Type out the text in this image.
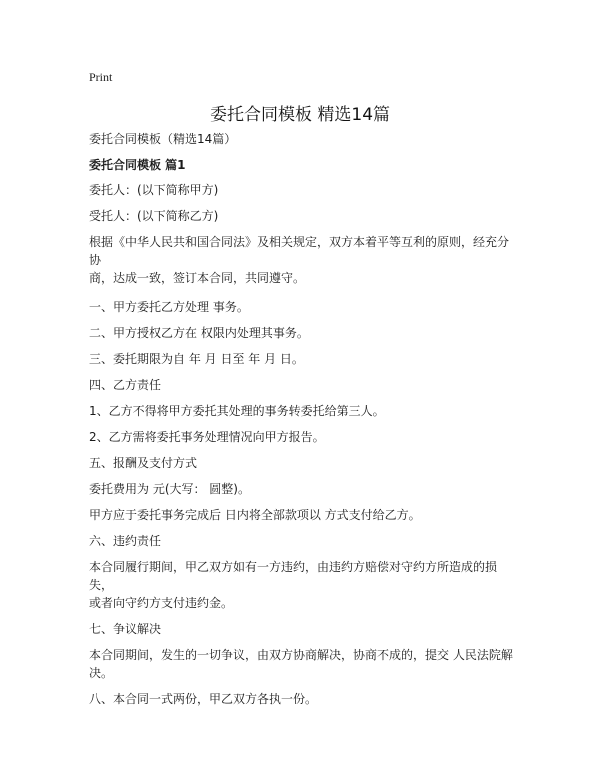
Print
委托合同模板 精选14篇

委托合同模板（精选14篇）

委托合同模板 篇1

委托人：(以下简称甲方)

受托人：(以下简称乙方)

根据《中华人民共和国合同法》及相关规定，双方本着平等互利的原则，经充分协
商，达成一致，签订本合同，共同遵守。

一、甲方委托乙方处理 事务。

二、甲方授权乙方在 权限内处理其事务。

三、委托期限为自 年 月 日至 年 月 日。

四、乙方责任

1、乙方不得将甲方委托其处理的事务转委托给第三人。

2、乙方需将委托事务处理情况向甲方报告。

五、报酬及支付方式

委托费用为 元(大写： 圆整)。

甲方应于委托事务完成后 日内将全部款项以 方式支付给乙方。

六、违约责任

本合同履行期间，甲乙双方如有一方违约，由违约方赔偿对守约方所造成的损失，
或者向守约方支付违约金。

七、争议解决

本合同期间，发生的一切争议，由双方协商解决，协商不成的，提交 人民法院解
决。

八、本合同一式两份，甲乙双方各执一份。
